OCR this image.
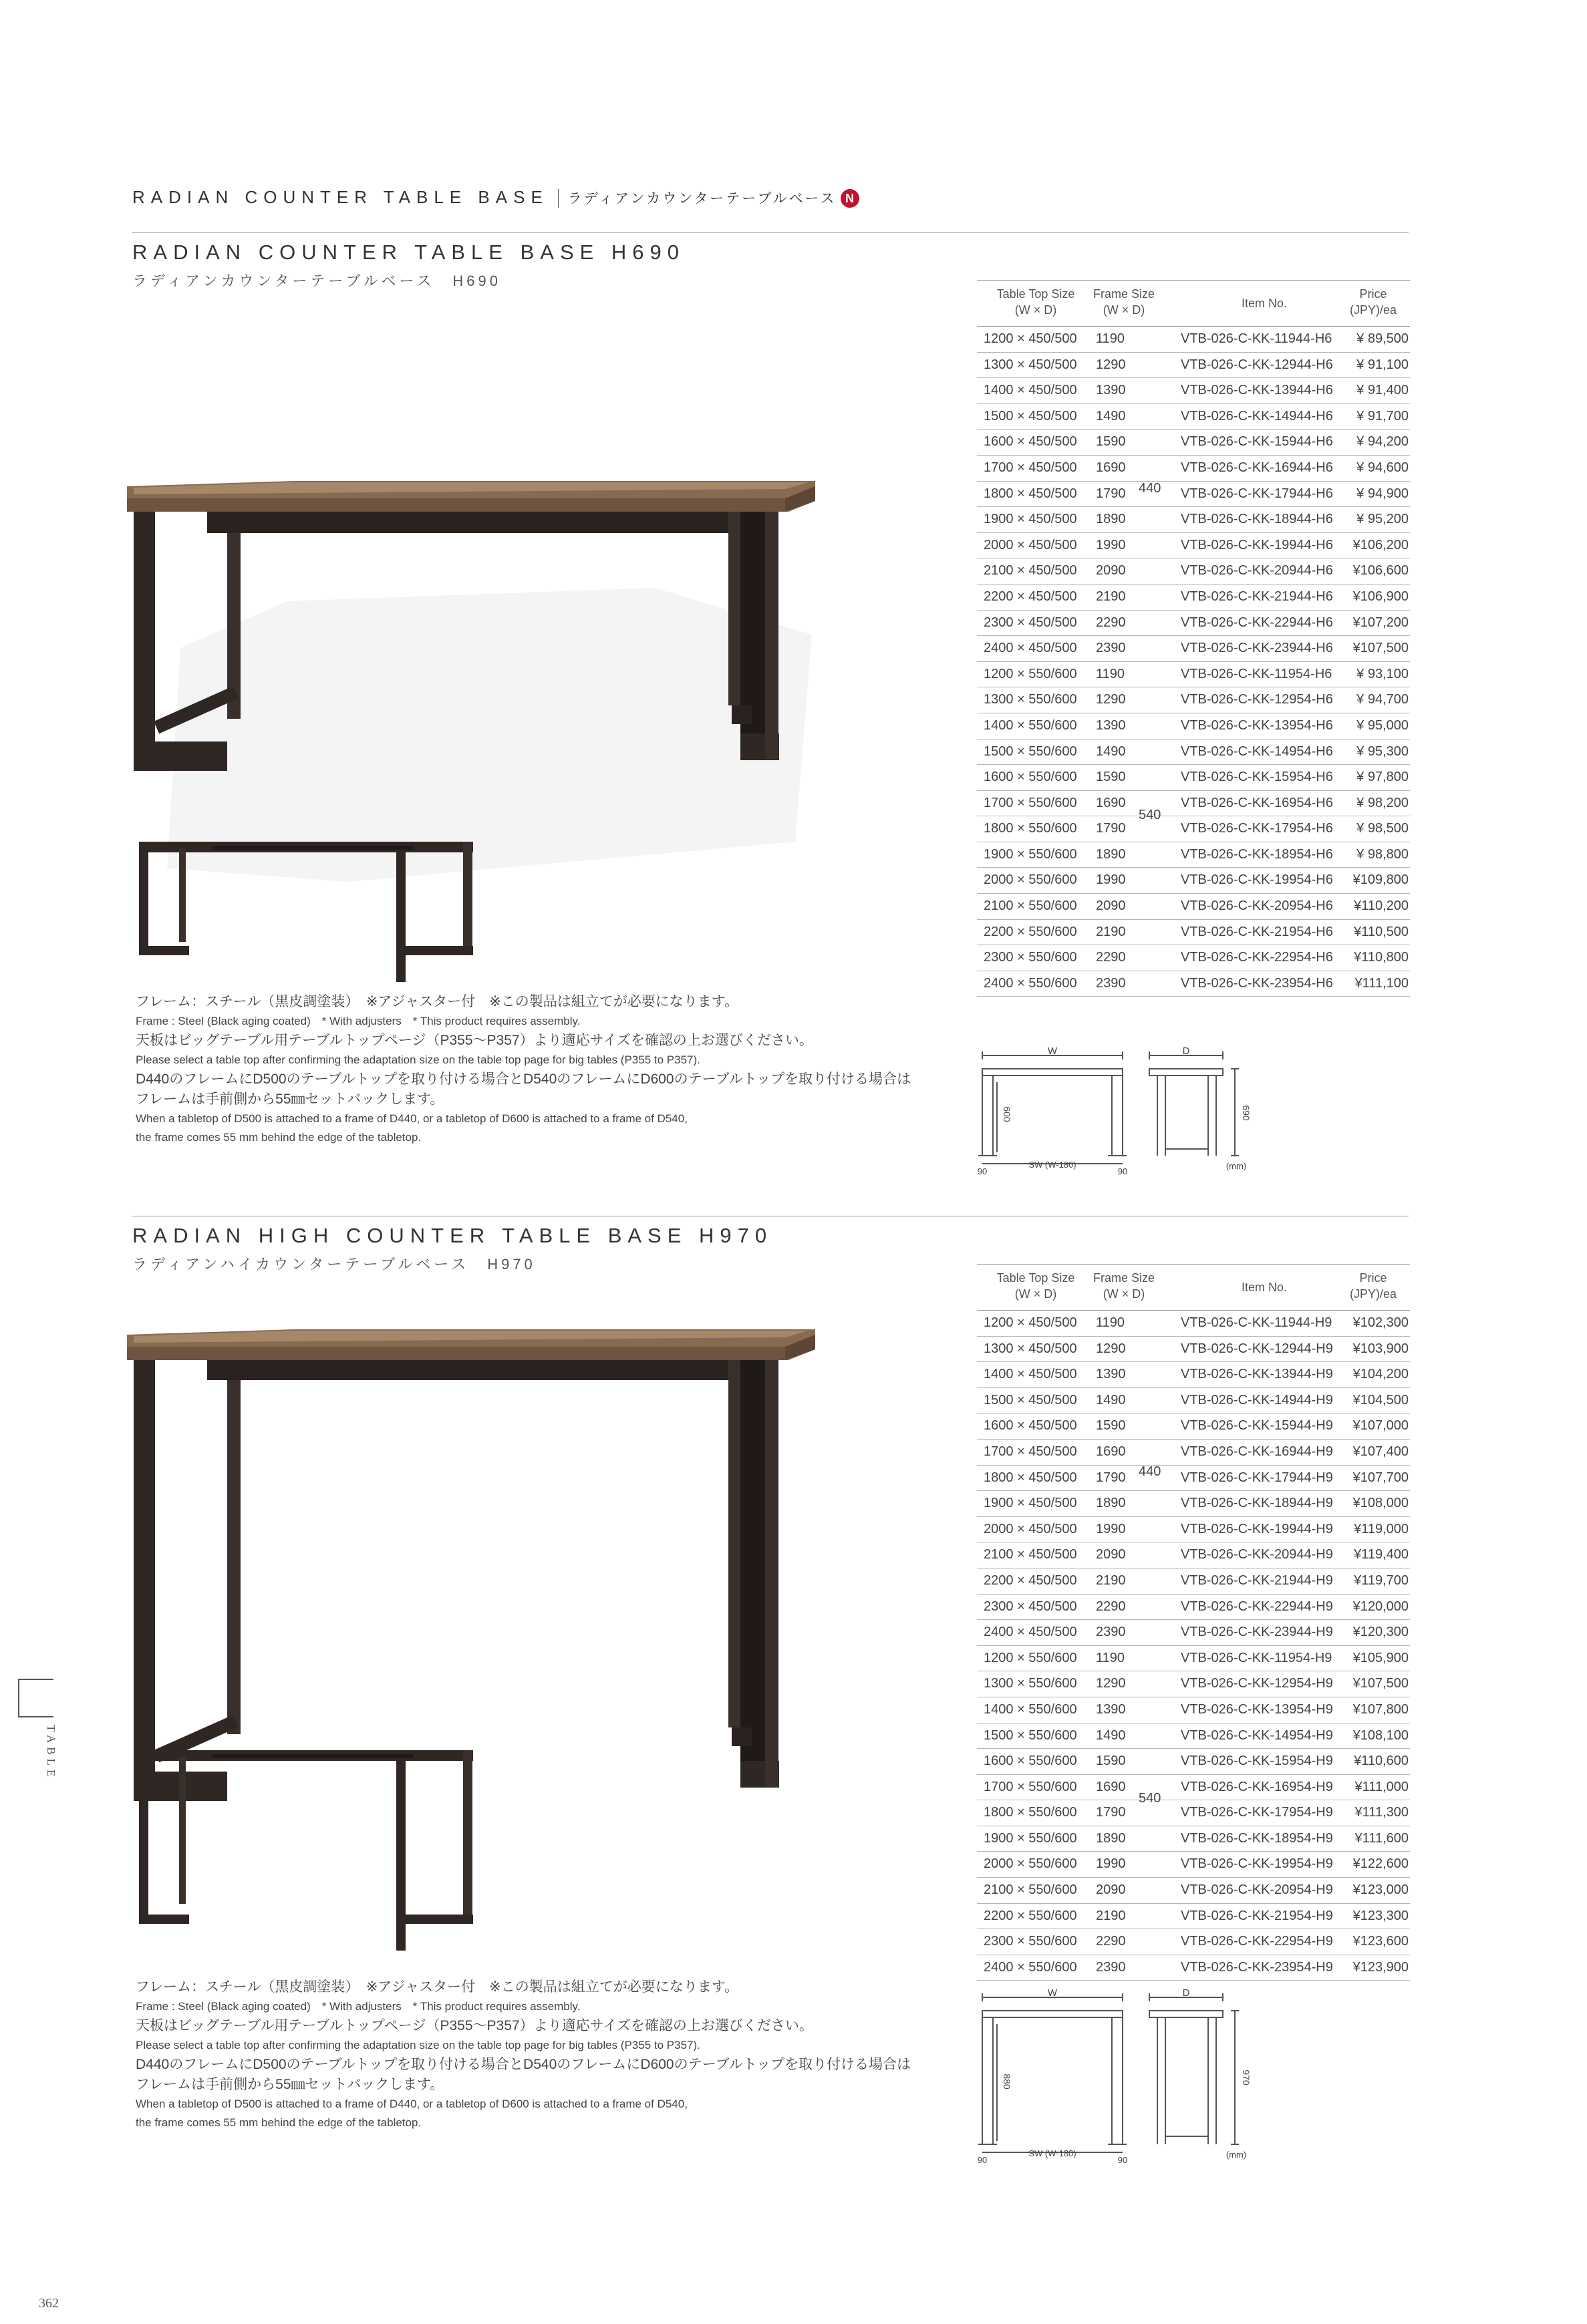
RADIAN COUNTER TABLE BASE ラディアンカウンターテーブルベース N
RADIAN COUNTER TABLE BASE H690
ラディアンカウンターテーブルベース　H690
Table Top Size
(W × D)
Frame Size
(W × D)	Item No.
Price
(JPY)/ea
1200 × 450/500 1190	VTB-026-C-KK-11944-H6 ¥ 89,500
1300 × 450/500 1290	VTB-026-C-KK-12944-H6 ¥ 91,100
1400 × 450/500 1390	VTB-026-C-KK-13944-H6 ¥ 91,400
1500 × 450/500 1490	VTB-026-C-KK-14944-H6 ¥ 91,700
1600 × 450/500 1590	VTB-026-C-KK-15944-H6 ¥ 94,200
1700 × 450/500 1690	VTB-026-C-KK-16944-H6 ¥ 94,600
1800 × 450/500 1790	VTB-026-C-KK-17944-H6 ¥ 94,900
1900 × 450/500 1890	VTB-026-C-KK-18944-H6 ¥ 95,200
2000 × 450/500 1990	VTB-026-C-KK-19944-H6 ¥106,200
2100 × 450/500 2090	VTB-026-C-KK-20944-H6 ¥106,600
2200 × 450/500 2190	VTB-026-C-KK-21944-H6 ¥106,900
2300 × 450/500 2290	VTB-026-C-KK-22944-H6 ¥107,200
2400 × 450/500 2390	VTB-026-C-KK-23944-H6 ¥107,500
1200 × 550/600 1190	VTB-026-C-KK-11954-H6 ¥ 93,100
1300 × 550/600 1290	VTB-026-C-KK-12954-H6 ¥ 94,700
1400 × 550/600 1390	VTB-026-C-KK-13954-H6 ¥ 95,000
1500 × 550/600 1490	VTB-026-C-KK-14954-H6 ¥ 95,300
1600 × 550/600 1590	VTB-026-C-KK-15954-H6 ¥ 97,800
1700 × 550/600 1690	VTB-026-C-KK-16954-H6 ¥ 98,200
1800 × 550/600 1790	VTB-026-C-KK-17954-H6 ¥ 98,500
1900 × 550/600 1890	VTB-026-C-KK-18954-H6 ¥ 98,800
2000 × 550/600 1990	VTB-026-C-KK-19954-H6 ¥109,800
2100 × 550/600 2090	VTB-026-C-KK-20954-H6 ¥110,200
2200 × 550/600 2190	VTB-026-C-KK-21954-H6 ¥110,500
2300 × 550/600 2290	VTB-026-C-KK-22954-H6 ¥110,800
2400 × 550/600 2390	VTB-026-C-KK-23954-H6 ¥111,100
440
540
フレーム：スチール（黒皮調塗装）　※アジャスター付　※この製品は組立てが必要になります。
Frame : Steel (Black aging coated)　* With adjusters　* This product requires assembly.
天板はビッグテーブル用テーブルトップページ（P355～P357）より適応サイズを確認の上お選びください。
Please select a table top after confirming the adaptation size on the table top page for big tables (P355 to P357).
D440のフレームにD500のテーブルトップを取り付ける場合とD540のフレームにD600のテーブルトップを取り付ける場合は
フレームは手前側から55㎜セットバックします。
When a tabletop of D500 is attached to a frame of D440, or a tabletop of D600 is attached to a frame of D540,
the frame comes 55 mm behind the edge of the tabletop.
W	D
SW (W-180)
90	90
(mm)
600	690
RADIAN HIGH COUNTER TABLE BASE H970
ラディアンハイカウンターテーブルベース　H970
Table Top Size
(W × D)
Frame Size
(W × D)	Item No.
Price
(JPY)/ea
1200 × 450/500 1190	VTB-026-C-KK-11944-H9 ¥102,300
1300 × 450/500 1290	VTB-026-C-KK-12944-H9 ¥103,900
1400 × 450/500 1390	VTB-026-C-KK-13944-H9 ¥104,200
1500 × 450/500 1490	VTB-026-C-KK-14944-H9 ¥104,500
1600 × 450/500 1590	VTB-026-C-KK-15944-H9 ¥107,000
1700 × 450/500 1690	VTB-026-C-KK-16944-H9 ¥107,400
1800 × 450/500 1790	VTB-026-C-KK-17944-H9 ¥107,700
1900 × 450/500 1890	VTB-026-C-KK-18944-H9 ¥108,000
2000 × 450/500 1990	VTB-026-C-KK-19944-H9 ¥119,000
2100 × 450/500 2090	VTB-026-C-KK-20944-H9 ¥119,400
2200 × 450/500 2190	VTB-026-C-KK-21944-H9 ¥119,700
2300 × 450/500 2290	VTB-026-C-KK-22944-H9 ¥120,000
2400 × 450/500 2390	VTB-026-C-KK-23944-H9 ¥120,300
1200 × 550/600 1190	VTB-026-C-KK-11954-H9 ¥105,900
1300 × 550/600 1290	VTB-026-C-KK-12954-H9 ¥107,500
1400 × 550/600 1390	VTB-026-C-KK-13954-H9 ¥107,800
1500 × 550/600 1490	VTB-026-C-KK-14954-H9 ¥108,100
1600 × 550/600 1590	VTB-026-C-KK-15954-H9 ¥110,600
1700 × 550/600 1690	VTB-026-C-KK-16954-H9 ¥111,000
1800 × 550/600 1790	VTB-026-C-KK-17954-H9 ¥111,300
1900 × 550/600 1890	VTB-026-C-KK-18954-H9 ¥111,600
2000 × 550/600 1990	VTB-026-C-KK-19954-H9 ¥122,600
2100 × 550/600 2090	VTB-026-C-KK-20954-H9 ¥123,000
2200 × 550/600 2190	VTB-026-C-KK-21954-H9 ¥123,300
2300 × 550/600 2290	VTB-026-C-KK-22954-H9 ¥123,600
2400 × 550/600 2390	VTB-026-C-KK-23954-H9 ¥123,900
440
540
フレーム：スチール（黒皮調塗装）　※アジャスター付　※この製品は組立てが必要になります。
Frame : Steel (Black aging coated)　* With adjusters　* This product requires assembly.
天板はビッグテーブル用テーブルトップページ（P355～P357）より適応サイズを確認の上お選びください。
Please select a table top after confirming the adaptation size on the table top page for big tables (P355 to P357).
D440のフレームにD500のテーブルトップを取り付ける場合とD540のフレームにD600のテーブルトップを取り付ける場合は
フレームは手前側から55㎜セットバックします。
When a tabletop of D500 is attached to a frame of D440, or a tabletop of D600 is attached to a frame of D540,
the frame comes 55 mm behind the edge of the tabletop.
W	D
SW (W-180)
90	90
(mm)
880	970
TABLE
362
